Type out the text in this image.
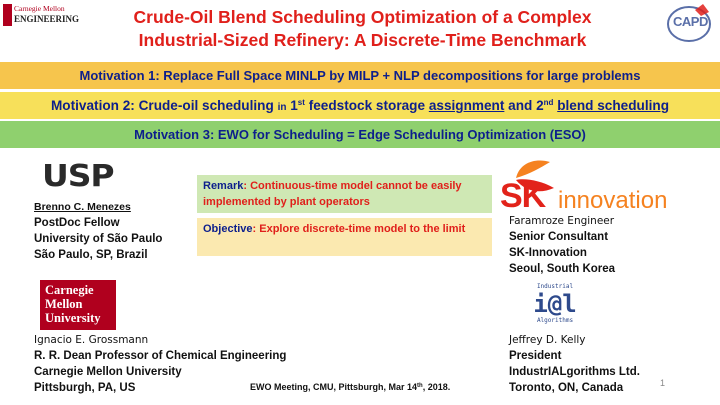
Carnegie Mellon
ENGINEERING	Crude-Oil Blend Scheduling Optimization of a Complex
Industrial-Sized Refinery: A Discrete-Time Benchmark
CAPD
Motivation 1: Replace Full Space MINLP by MILP + NLP decompositions for large problems
Motivation 2: Crude-oil scheduling in 1st feedstock storage assignment and 2nd blend scheduling
Motivation 3: EWO for Scheduling = Edge Scheduling Optimization (ESO)
USP
Brenno C. Menezes
PostDoc Fellow
University of São Paulo
São Paulo, SP, Brazil
Remark: Continuous-time model cannot be easily implemented by plant operators
Objective: Explore discrete-time model to the limit
SK innovation
Faramroze Engineer
Senior Consultant
SK-Innovation
Seoul, South Korea
Carnegie
Mellon
University
Ignacio E. Grossmann
R. R. Dean Professor of Chemical Engineering
Carnegie Mellon University
Pittsburgh, PA, US
Industrial
i@l
Algorithms
Jeffrey D. Kelly
President
IndustrIALgorithms Ltd.
Toronto, ON, Canada
EWO Meeting, CMU, Pittsburgh, Mar 14th, 2018.	1
